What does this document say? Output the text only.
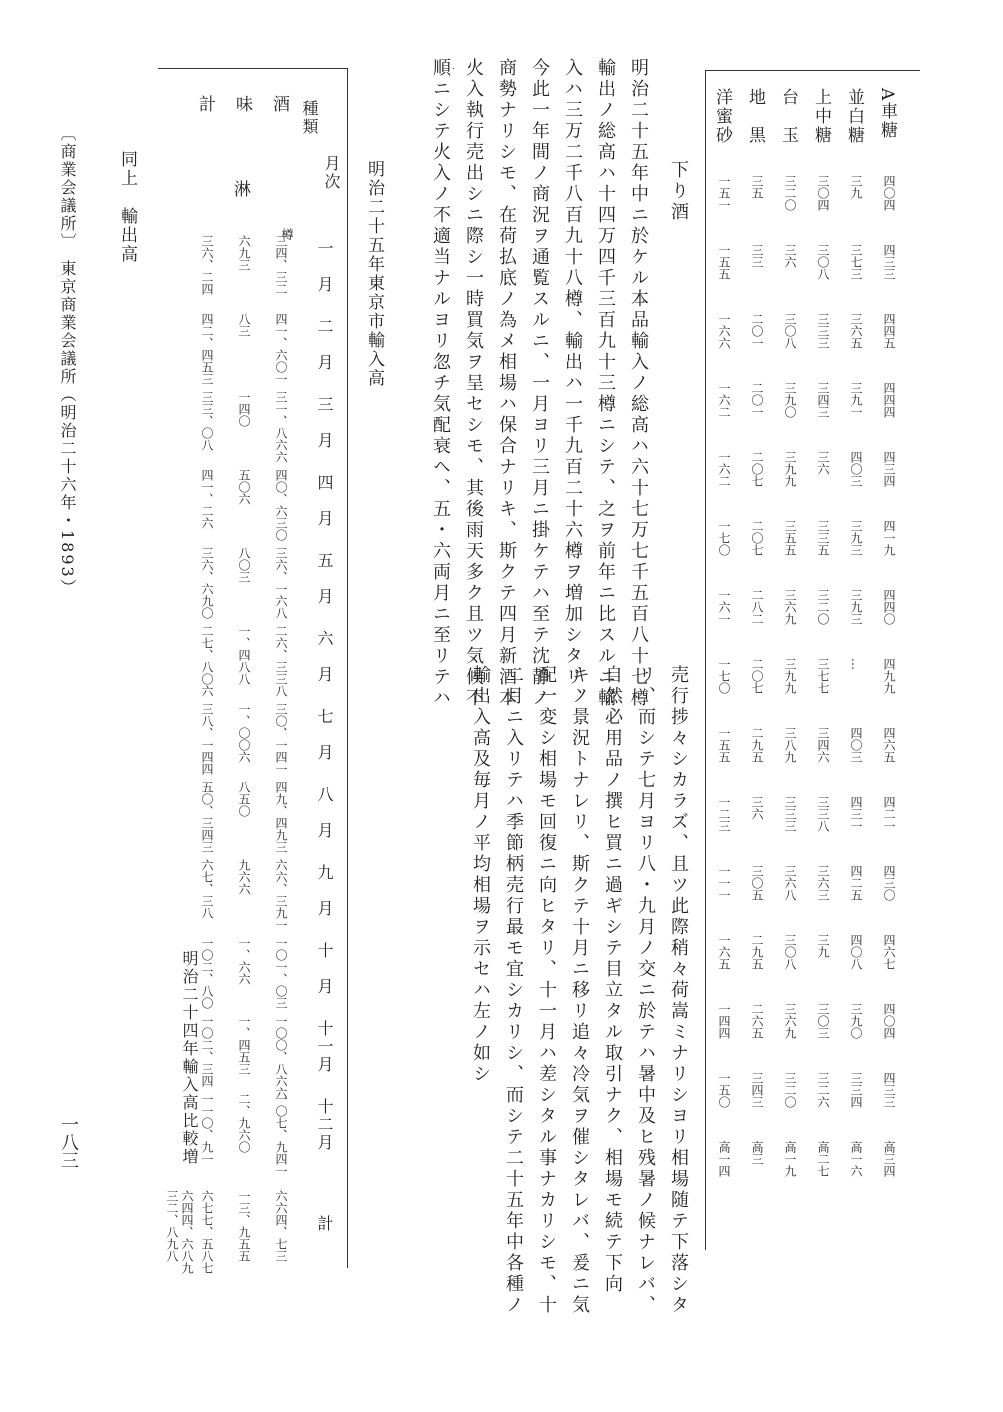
下り酒
明治二十五年東京市輸入高
同上　輸出高
東京商業会議所（明治二十六年・1893）
〔商業会議所〕
一八三
A車糖
並白糖
上中糖
台　玉
地　黒
洋蜜砂
四〇四
三九
三〇四
三二〇
三五
一五一
四三三
三七三
三〇八
三六
三三
一五五
四四五
三六五
三三三
三〇八
二〇一
一六六
四四四
三九一
三四三
三九〇
二〇一
一六二
四三四
四〇三
三六
三九九
二〇七
一六二
四一九
三九三
三三五
三五五
二〇七
一七〇
四四〇
三九三
三二〇
三六九
二八二
一六一
四九九
…
三七七
三九九
二〇七
一七〇
四六五
四〇三
三四六
三八九
二九五
一五五
四二一
四三一
三三八
三三三
三六
一二三
四三〇
四二五
三六三
三六八
三〇五
一一一
四六七
四〇八
三九
三〇八
二九五
一六五
四〇四
三九〇
三〇三
三六九
二六五
一四四
四三三
三三四
三二六
三二〇
三四三
一五〇
高三四
高一六
高二七
高一九
高三
高一四
明治二十五年中ニ於ケル本品輸入ノ総高ハ六十七万七千五百八十七樽
輸出ノ総高ハ十四万四千三百九十三樽ニシテ、之ヲ前年ニ比スルニ輸
入ハ三万二千八百九十八樽、輸出ハ一千九百二十六樽ヲ増加シタリ、
今此一年間ノ商況ヲ通覧スルニ、一月ヨリ三月ニ掛ケテハ至テ沈静ノ
商勢ナリシモ、在荷払底ノ為メ相場ハ保合ナリキ、斯クテ四月新酒本
火入執行売出シニ際シ一時買気ヲ呈セシモ、其後雨天多ク且ツ気候不
順ニシテ火入ノ不適当ナルヨリ忽チ気配衰ヘ、五・六両月ニ至リテハ
売行捗々シカラズ、且ツ此際稍々荷嵩ミナリシヨリ相場随テ下落シタ
リ、而シテ七月ヨリ八・九月ノ交ニ於テハ暑中及ヒ残暑ノ候ナレバ、
自然必用品ノ撰ヒ買ニ過ギシテ目立タル取引ナク、相場モ続テ下向
キノ景況トナレリ、斯クテ十月ニ移リ追々冷気ヲ催シタレバ、爰ニ気
配一変シ相場モ回復ニ向ヒタリ、十一月ハ差シタル事ナカリシモ、十
二月ニ入リテハ季節柄売行最モ宜シカリシ、而シテ二十五年中各種ノ
輸出入高及毎月ノ平均相場ヲ示セハ左ノ如シ
月次
種類
一　月
二　月
三　月
四　月
五　月
六　月
七　月
八　月
九　月
十　月
十一月
十二月
計
酒
三四、三二
四一、六〇一
三一、八六六
四〇、六三〇
三六、一六八
二六、三三八
三〇、一四一
四九、四九三
六六、三九一
一〇一、〇三
一〇〇、八六六
一〇七、九四一
六六四、七三
味
淋
六九三
八三
一四〇
五〇六
八〇三
一、四八八
一、〇〇六
八五〇
九六六
一、六六
一、四五三
二、九六〇
一三、九五五
計
三六、二四
四二、四五三
三三、〇八
四一、二六
三六、六九〇
二七、八〇六
三八、一四四
五〇、三四三
六七、三八
一〇二、八〇
一〇二、三四
一一〇、九一
六七七、五八七
味淋
樽
明治二十四年輸入高比較増
六四四、六八九
三二、八九八
